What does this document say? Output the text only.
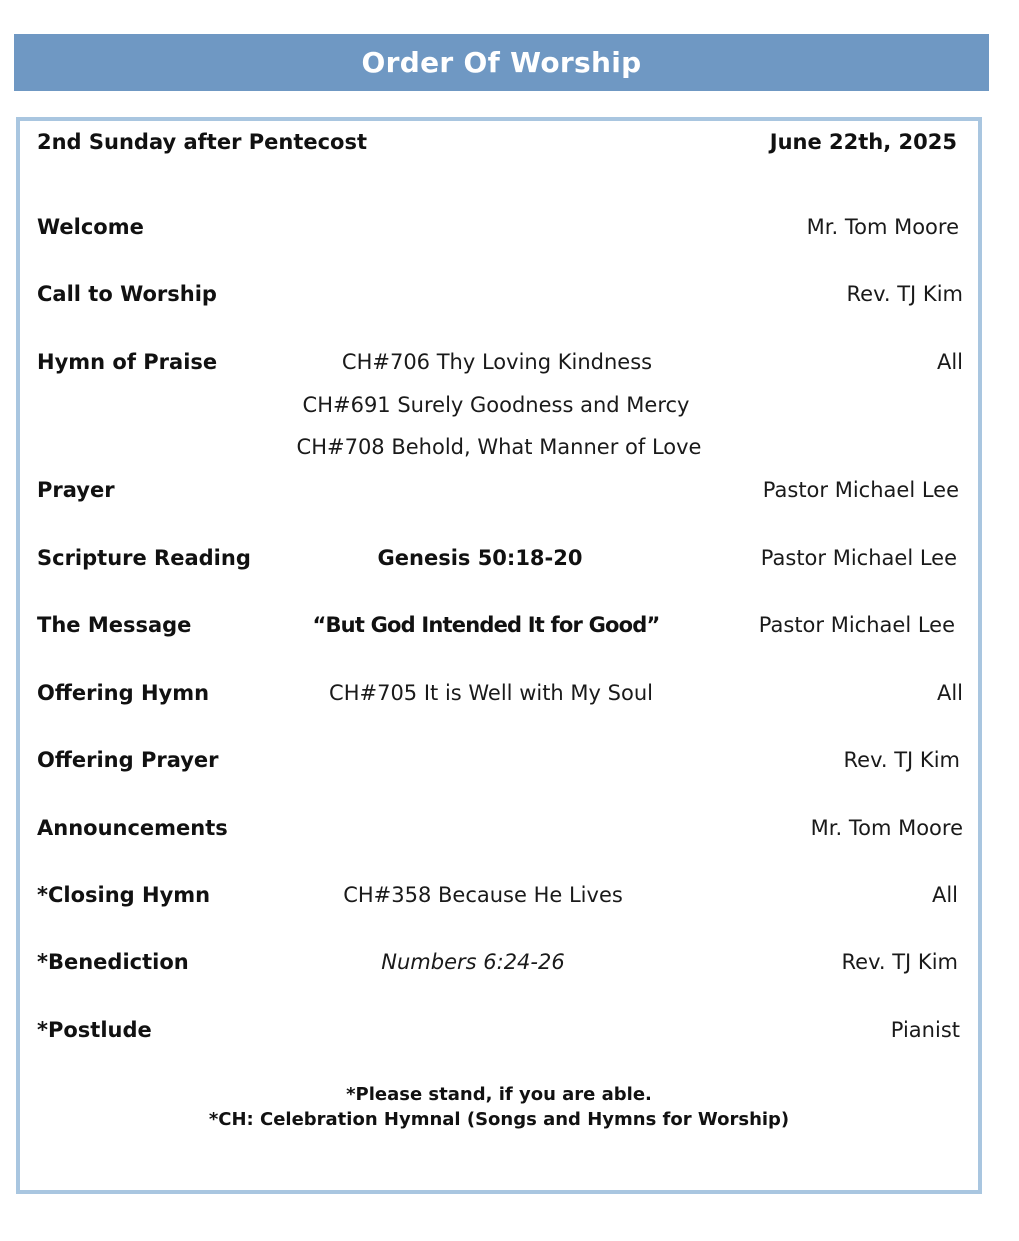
Order Of Worship
2nd Sunday after Pentecost	June 22th, 2025
Welcome	Mr. Tom Moore
Call to Worship	Rev. TJ Kim
Hymn of Praise	CH#706 Thy Loving Kindness	All
CH#691 Surely Goodness and Mercy
CH#708 Behold, What Manner of Love
Prayer	Pastor Michael Lee
Scripture Reading	Genesis 50:18-20	Pastor Michael Lee
The Message	“But God Intended It for Good”	Pastor Michael Lee
Offering Hymn	CH#705 It is Well with My Soul	All
Offering Prayer	Rev. TJ Kim
Announcements	Mr. Tom Moore
*Closing Hymn	CH#358 Because He Lives	All
*Benediction	Numbers 6:24-26	Rev. TJ Kim
*Postlude	Pianist
*Please stand, if you are able.
*CH: Celebration Hymnal (Songs and Hymns for Worship)
